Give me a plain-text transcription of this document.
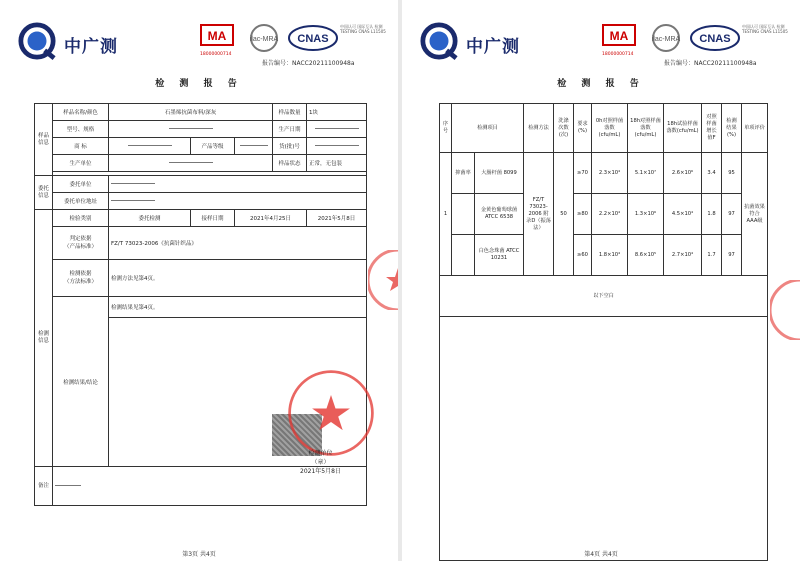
中广测
MA
18000000714
ilac-MRA CNAS
中国认可 国际互认 检测 TESTING CNAS L11505
报告编号：NACC20211100948a
检 测 报 告
样品信息	样品名称/颜色	石墨烯抗菌布料/深灰			样品数量	1块
	型号、规格				生产日期	
	商 标		产品等级		货(批)号	
	生产单位				样品状态	正常，无包装

委托信息	委托单位					
	委托单位地址					
检测信息	检验类别	委托检测	接样日期	2021年4月25日		2021年5月8日
	判定依据
（产品标准）	FZ/T 73023-2006《抗菌针织品》				
	检测依据
（方法标准）	检测方法见第4页。				
	检测结果/结论	检测结果见第4页。				

备注						
检测单位
（章）
2021年5月8日
第3页 共4页
中广测
MA
18000000714
ilac-MRA CNAS
中国认可 国际互认 检测 TESTING CNAS L11505
报告编号：NACC20211100948a
检 测 报 告
序号	检测项目	检测方法	洗涤次数(次)	要求(%)	0h对照样菌落数(cfu/mL)	18h对照样菌落数(cfu/mL)	18h试验样菌落数(cfu/mL)	对照样菌增长值F	检测结果(%)	单项评价
1	抑菌率 大肠杆菌 8099	FZ/T 73023-2006 附录D（振荡法）	50	≥70	2.3×10⁴	5.1×10⁷	2.6×10⁶	3.4	95	抗菌效果符合AAA级

金黄色葡萄球菌 ATCC 6538			≥80	2.2×10⁴	1.3×10⁶	4.5×10⁴	1.8	97	

白色念珠菌 ATCC 10231			≥60	1.8×10⁴	8.6×10⁵	2.7×10⁴	1.7	97	
以下空白										

第4页 共4页
